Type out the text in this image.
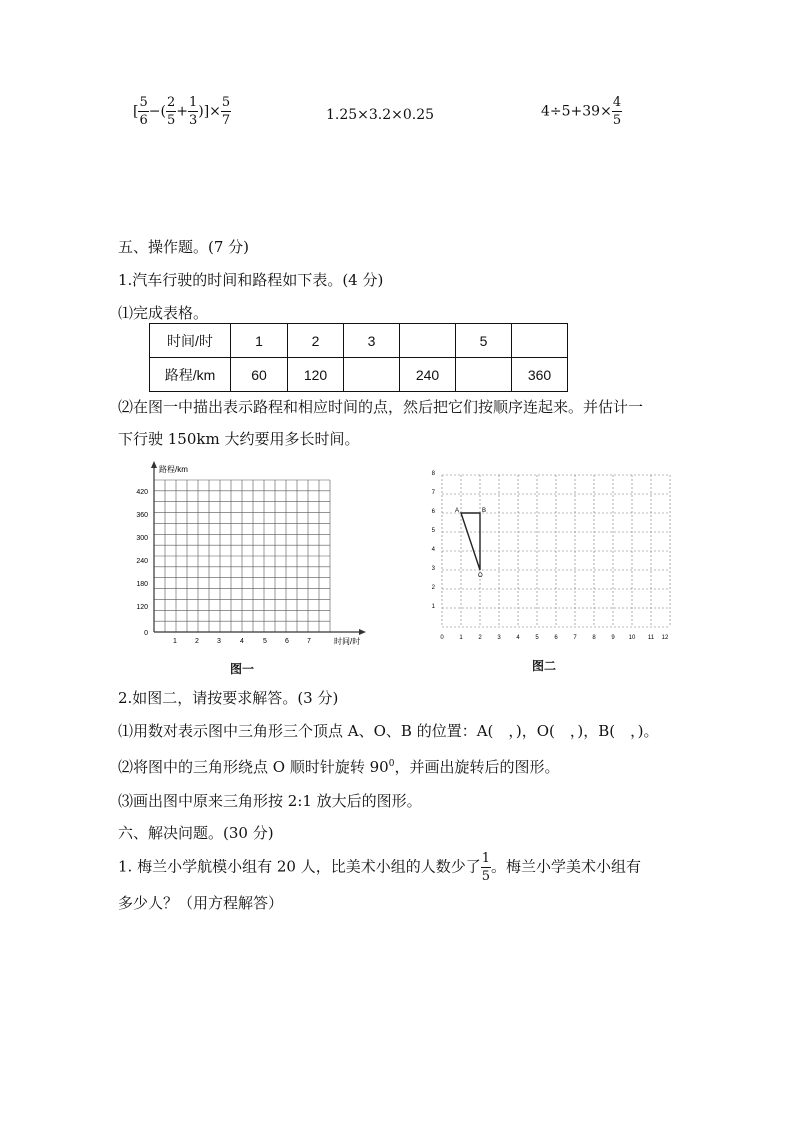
[ $\frac{5}{6}$ −( $\frac{2}{5} + \frac{1}{3}$ )]× $\frac{5}{7}$	1.25×3.2×0.25	$4\div 5+39\times \frac{4}{5}$
五、操作题。(7 分)
1.汽车行驶的时间和路程如下表。(4 分)
⑴完成表格。
时间/时	1	2	3		5	
路程/km	60	120		240		360
⑵在图一中描出表示路程和相应时间的点，然后把它们按顺序连起来。并估计一
下行驶 150km 大约要用多长时间。
路程/km
时间/时
0
120
180
240
300
360
420
1	2	3	4	5	6	7
图一
A	B
O
1
2
3
4
5
6
7
8
0	1	2	3	4	5	6	7	8	9 10 11 12
图二
2.如图二，请按要求解答。(3 分)
⑴用数对表示图中三角形三个顶点 A、O、B 的位置：A(　，)，O(　，)，B(　，)。
⑵将图中的三角形绕点 O 顺时针旋转 $90^0$，并画出旋转后的图形。
⑶画出图中原来三角形按 2:1 放大后的图形。
六、解决问题。(30 分)
1. 梅兰小学航模小组有 20 人，比美术小组的人数少了 $\frac{1}{5}$ 。梅兰小学美术小组有
多少人？（用方程解答）
